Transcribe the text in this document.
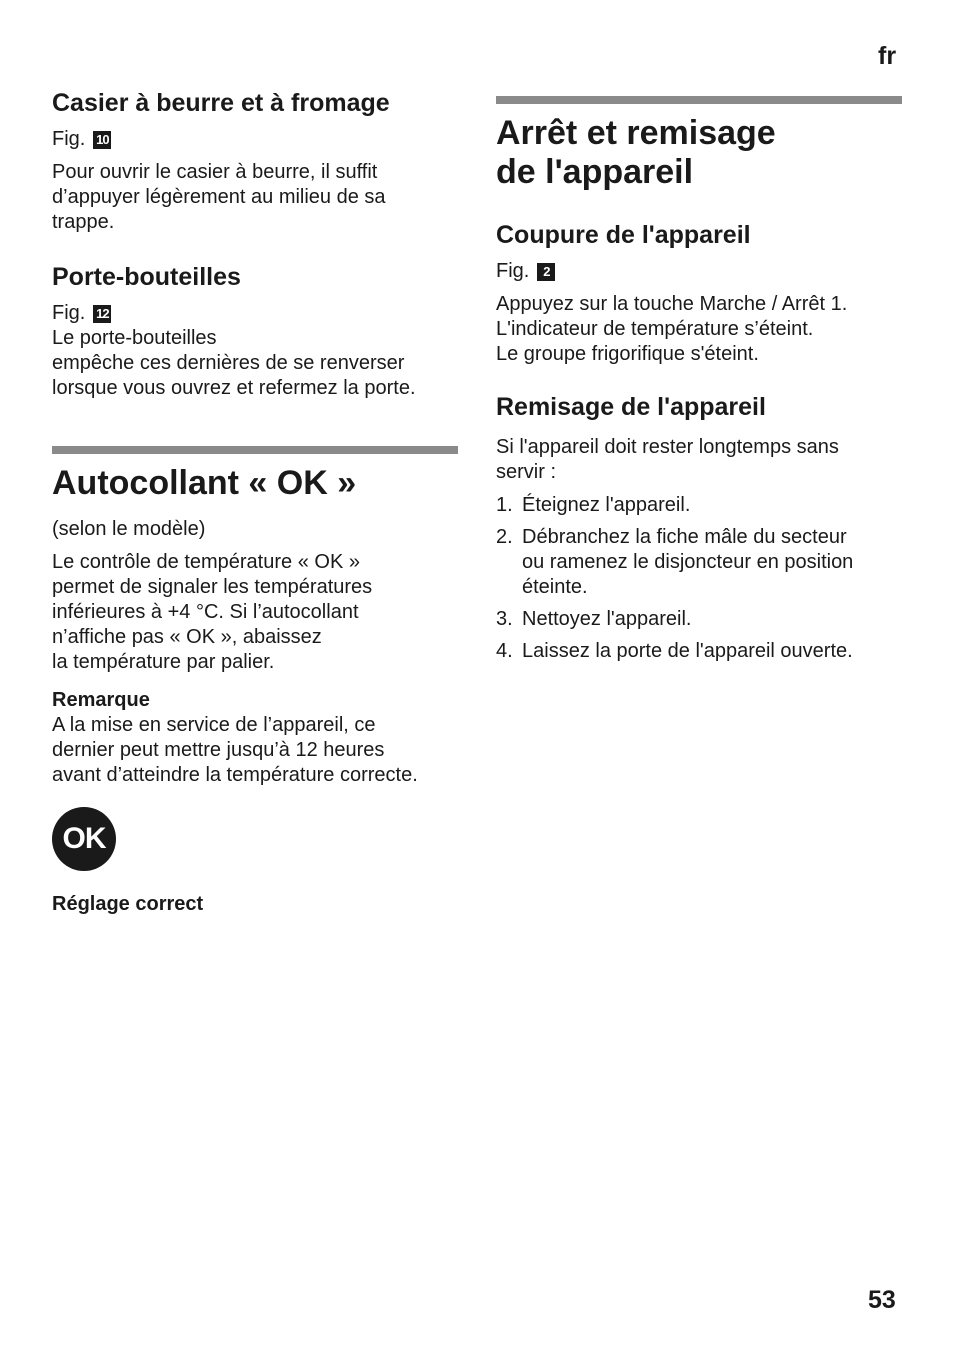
fr
Casier à beurre et à fromage
Fig. 10

Pour ouvrir le casier à beurre, il suffit
d’appuyer légèrement au milieu de sa
trappe.

Porte-bouteilles
Fig. 12

Le porte-bouteilles
empêche ces dernières de se renverser
lorsque vous ouvrez et refermez la porte.

Autocollant « OK »

(selon le modèle)

Le contrôle de température « OK »
permet de signaler les températures
inférieures à +4 °C. Si l’autocollant
n’affiche pas « OK », abaissez
la température par palier.

Remarque

A la mise en service de l’appareil, ce
dernier peut mettre jusqu’à 12 heures
avant d’atteindre la température correcte.

OK
Réglage correct
Arrêt et remisage
de l'appareil
Coupure de l'appareil
Fig.	2

Appuyez sur la touche Marche / Arrêt 1.
L'indicateur de température s’éteint.
Le groupe frigorifique s'éteint.

Remisage de l'appareil

Si l'appareil doit rester longtemps sans
servir :

1. Éteignez l'appareil.
2. Débranchez la fiche mâle du secteur
ou ramenez le disjoncteur en position
éteinte.
3. Nettoyez l'appareil.
4. Laissez la porte de l'appareil ouverte.
53
